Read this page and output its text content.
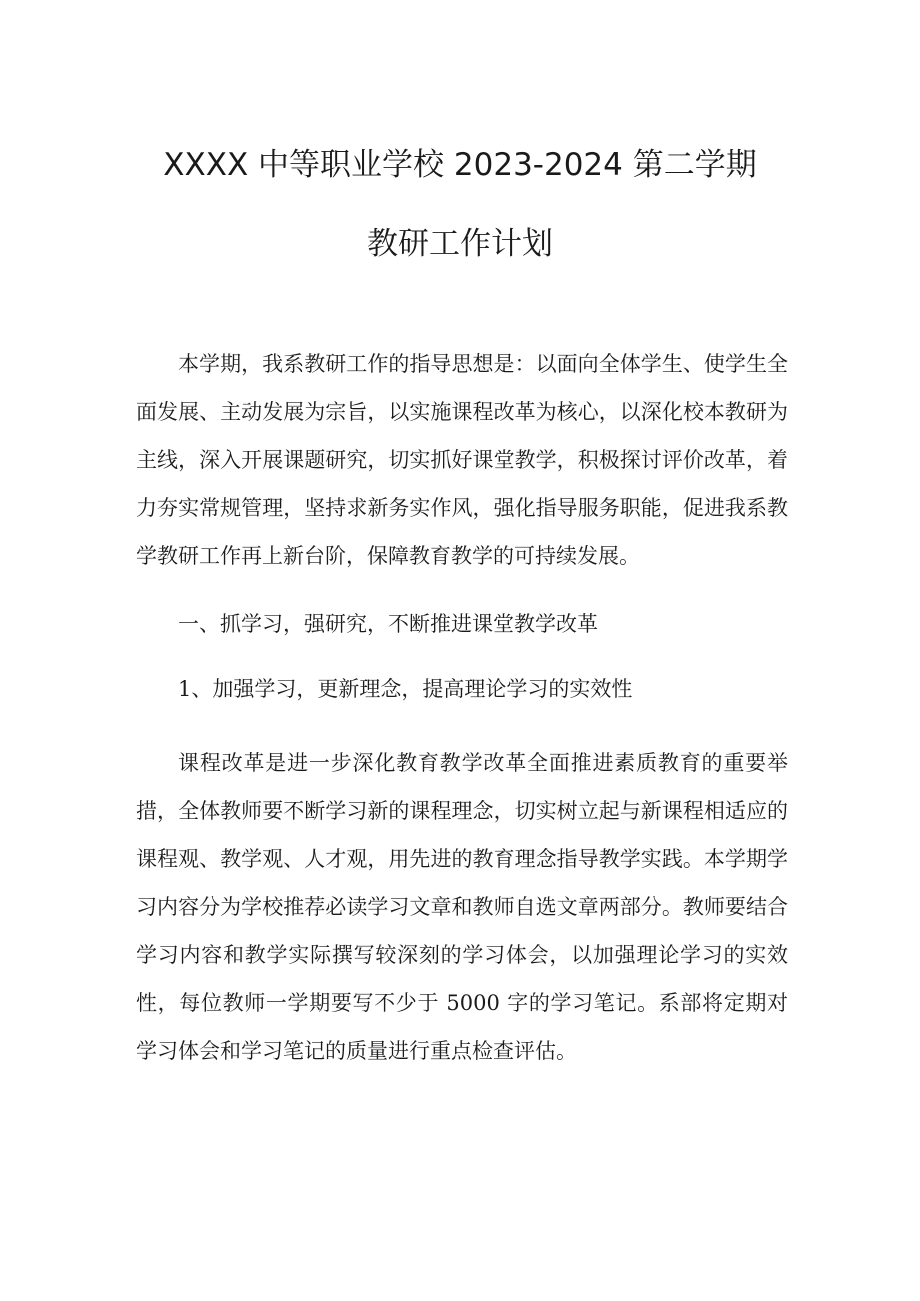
XXXX 中等职业学校 2023-2024 第二学期
教研工作计划

本学期，我系教研工作的指导思想是：以面向全体学生、使学生全面发展、主动发展为宗旨，以实施课程改革为核心，以深化校本教研为主线，深入开展课题研究，切实抓好课堂教学，积极探讨评价改革，着力夯实常规管理，坚持求新务实作风，强化指导服务职能，促进我系教学教研工作再上新台阶，保障教育教学的可持续发展。

一、抓学习，强研究，不断推进课堂教学改革

1、加强学习，更新理念，提高理论学习的实效性

课程改革是进一步深化教育教学改革全面推进素质教育的重要举措，全体教师要不断学习新的课程理念，切实树立起与新课程相适应的课程观、教学观、人才观，用先进的教育理念指导教学实践。本学期学习内容分为学校推荐必读学习文章和教师自选文章两部分。教师要结合学习内容和教学实际撰写较深刻的学习体会，以加强理论学习的实效性，每位教师一学期要写不少于 5000 字的学习笔记。系部将定期对学习体会和学习笔记的质量进行重点检查评估。
